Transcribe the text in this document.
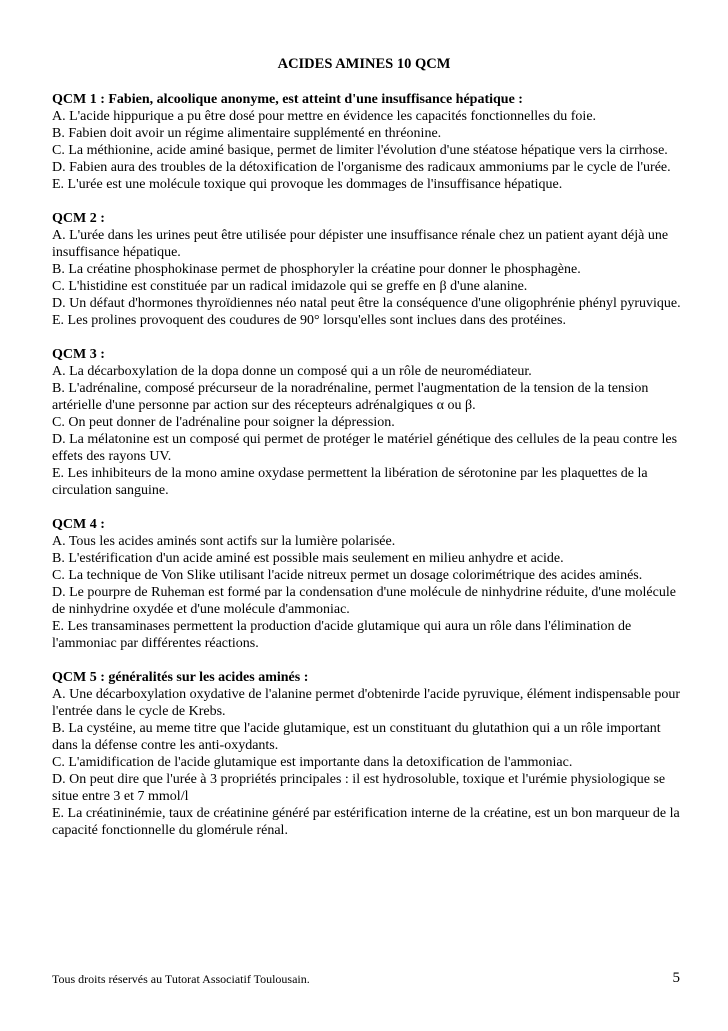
ACIDES AMINES 10 QCM

QCM 1 : Fabien, alcoolique anonyme, est atteint d'une insuffisance hépatique :

A. L'acide hippurique a pu être dosé pour mettre en évidence les capacités fonctionnelles du foie.

B. Fabien doit avoir un régime alimentaire supplémenté en thréonine.

C. La méthionine, acide aminé basique, permet de limiter l'évolution d'une stéatose hépatique vers la cirrhose.

D. Fabien aura des troubles de la détoxification de l'organisme des radicaux ammoniums par le cycle de l'urée.

E. L'urée est une molécule toxique qui provoque les dommages de l'insuffisance hépatique.

QCM 2 :

A. L'urée dans les urines peut être utilisée pour dépister une insuffisance rénale chez un patient ayant déjà une insuffisance hépatique.

B. La créatine phosphokinase permet de phosphoryler la créatine pour donner le phosphagène.

C. L'histidine est constituée par un radical imidazole qui se greffe en β d'une alanine.

D. Un défaut d'hormones thyroïdiennes néo natal peut être la conséquence d'une oligophrénie phényl pyruvique.

E. Les prolines provoquent des coudures de 90° lorsqu'elles sont inclues dans des protéines.

QCM 3 :

A. La décarboxylation de la dopa donne un composé qui a un rôle de neuromédiateur.

B. L'adrénaline, composé précurseur de la noradrénaline, permet l'augmentation de la tension de la tension artérielle d'une personne par action sur des récepteurs adrénalgiques α ou β.

C. On peut donner de l'adrénaline pour soigner la dépression.

D. La mélatonine est un composé qui permet de protéger le matériel génétique des cellules de la peau contre les effets des rayons UV.

E. Les inhibiteurs de la mono amine oxydase permettent la libération de sérotonine par les plaquettes de la circulation sanguine.

QCM 4 :

A. Tous les acides aminés sont actifs sur la lumière polarisée.

B. L'estérification d'un acide aminé est possible mais seulement en milieu anhydre et acide.

C. La technique de Von Slike utilisant l'acide nitreux permet un dosage colorimétrique des acides aminés.

D. Le pourpre de Ruheman est formé par la condensation d'une molécule de ninhydrine réduite, d'une molécule de ninhydrine oxydée et d'une molécule d'ammoniac.

E. Les transaminases permettent la production d'acide glutamique qui aura un rôle dans l'élimination de l'ammoniac par différentes réactions.

QCM 5 : généralités sur les acides aminés :

A. Une décarboxylation oxydative de l'alanine permet d'obtenirde l'acide pyruvique, élément indispensable pour l'entrée dans le cycle de Krebs.

B. La cystéine, au meme titre que l'acide glutamique, est un constituant du glutathion qui a un rôle important dans la défense contre les anti-oxydants.

C. L'amidification de l'acide glutamique est importante dans la detoxification de l'ammoniac.

D. On peut dire que l'urée à 3 propriétés principales : il est hydrosoluble, toxique et l'urémie physiologique se situe entre 3 et 7 mmol/l

E. La créatininémie, taux de créatinine généré par estérification interne de la créatine, est un bon marqueur de la capacité fonctionnelle du glomérule rénal.

Tous droits réservés au Tutorat Associatif Toulousain.	5
